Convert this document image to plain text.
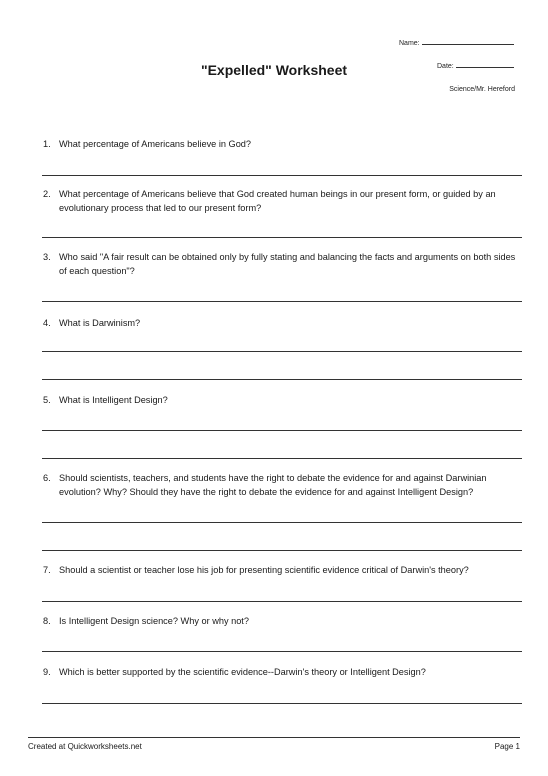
Name:
Date:
Science/Mr. Hereford
"Expelled" Worksheet
1. What percentage of Americans believe in God?
2. What percentage of Americans believe that God created human beings in our present form, or guided by an evolutionary process that led to our present form?
3. Who said "A fair result can be obtained only by fully stating and balancing the facts and arguments on both sides of each question"?
4. What is Darwinism?
5. What is Intelligent Design?
6. Should scientists, teachers, and students have the right to debate the evidence for and against Darwinian evolution? Why? Should they have the right to debate the evidence for and against Intelligent Design?
7. Should a scientist or teacher lose his job for presenting scientific evidence critical of Darwin's theory?
8. Is Intelligent Design science? Why or why not?
9. Which is better supported by the scientific evidence--Darwin's theory or Intelligent Design?
Created at Quickworksheets.net	Page 1
